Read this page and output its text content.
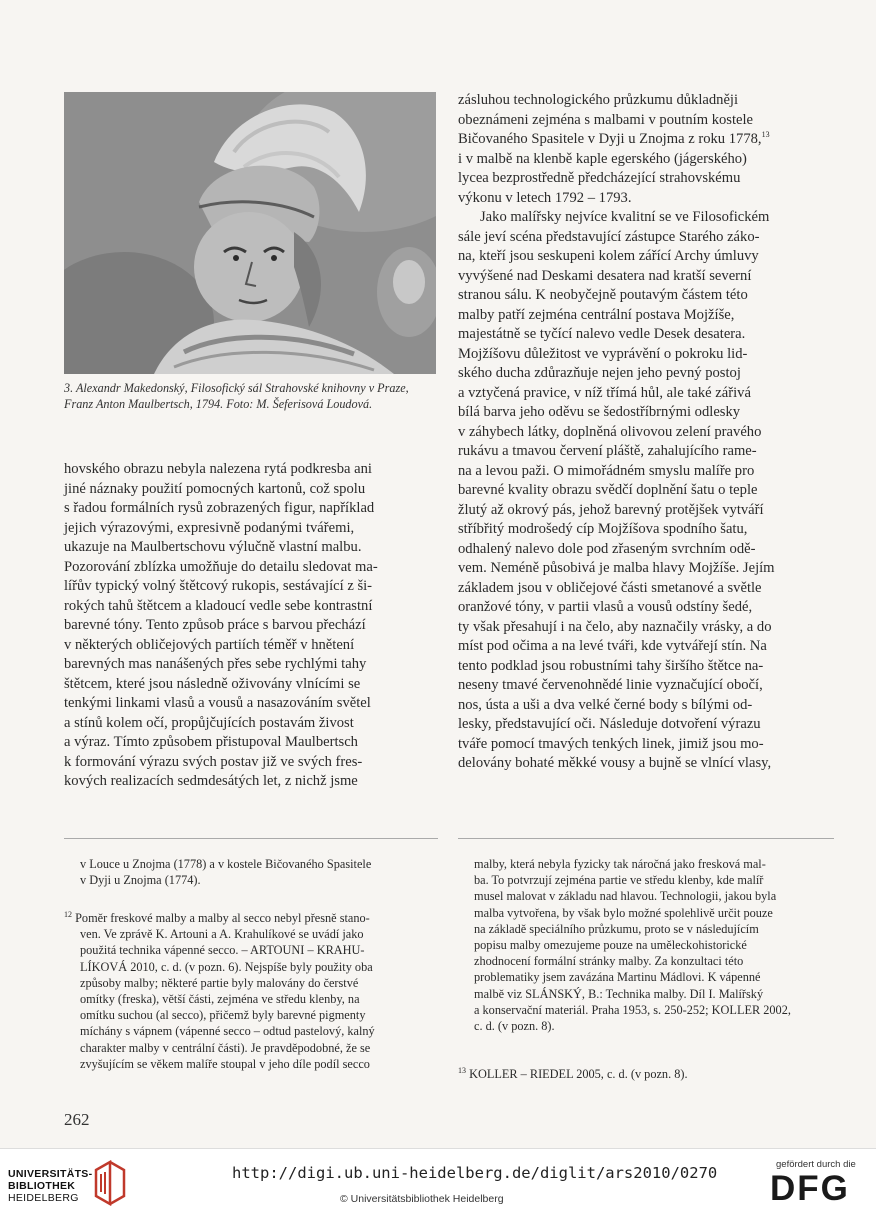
3. Alexandr Makedonský, Filosofický sál Strahovské knihovny v Praze,
Franz Anton Maulbertsch, 1794. Foto: M. Šeferisová Loudová.
hovského obrazu nebyla nalezena rytá podkresba ani
jiné náznaky použití pomocných kartonů, což spolu
s řadou formálních rysů zobrazených figur, například
jejich výrazovými, expresivně podanými tvářemi,
ukazuje na Maulbertschovu výlučně vlastní malbu.
Pozorování zblízka umožňuje do detailu sledovat ma-
lířův typický volný štětcový rukopis, sestávající z ši-
rokých tahů štětcem a kladoucí vedle sebe kontrastní
barevné tóny. Tento způsob práce s barvou přechází
v některých obličejových partiích téměř v hnětení
barevných mas nanášených přes sebe rychlými tahy
štětcem, které jsou následně oživovány vlnícími se
tenkými linkami vlasů a vousů a nasazováním světel
a stínů kolem očí, propůjčujících postavám živost
a výraz. Tímto způsobem přistupoval Maulbertsch
k formování výrazu svých postav již ve svých fres-
kových realizacích sedmdesátých let, z nichž jsme
zásluhou technologického průzkumu důkladněji
obeznámeni zejména s malbami v poutním kostele
Bičovaného Spasitele v Dyji u Znojma z roku 1778,13
i v malbě na klenbě kaple egerského (jágerského)
lycea bezprostředně předcházející strahovskému
výkonu v letech 1792 – 1793.
Jako malířsky nejvíce kvalitní se ve Filosofickém
sále jeví scéna představující zástupce Starého záko-
na, kteří jsou seskupeni kolem zářící Archy úmluvy
vyvýšené nad Deskami desatera nad kratší severní
stranou sálu. K neobyčejně poutavým částem této
malby patří zejména centrální postava Mojžíše,
majestátně se tyčící nalevo vedle Desek desatera.
Mojžíšovu důležitost ve vyprávění o pokroku lid-
ského ducha zdůrazňuje nejen jeho pevný postoj
a vztyčená pravice, v níž třímá hůl, ale také zářivá
bílá barva jeho oděvu se šedostříbrnými odlesky
v záhybech látky, doplněná olivovou zelení pravého
rukávu a tmavou červení pláště, zahalujícího rame-
na a levou paži. O mimořádném smyslu malíře pro
barevné kvality obrazu svědčí doplnění šatu o teple
žlutý až okrový pás, jehož barevný protějšek vytváří
stříbřitý modrošedý cíp Mojžíšova spodního šatu,
odhalený nalevo dole pod zřaseným svrchním odě-
vem. Neméně působivá je malba hlavy Mojžíše. Jejím
základem jsou v obličejové části smetanové a světle
oranžové tóny, v partii vlasů a vousů odstíny šedé,
ty však přesahují i na čelo, aby naznačily vrásky, a do
míst pod očima a na levé tváři, kde vytvářejí stín. Na
tento podklad jsou robustními tahy širšího štětce na-
neseny tmavé červenohnědé linie vyznačující obočí,
nos, ústa a uši a dva velké černé body s bílými od-
lesky, představující oči. Následuje dotvoření výrazu
tváře pomocí tmavých tenkých linek, jimiž jsou mo-
delovány bohaté měkké vousy a bujně se vlnící vlasy,
v Louce u Znojma (1778) a v kostele Bičovaného Spasitele
v Dyji u Znojma (1774).
$^{12}$ Poměr freskové malby a malby al secco nebyl přesně stano-
ven. Ve zprávě K. Artouni a A. Krahulíkové se uvádí jako
použitá technika vápenné secco. – ARTOUNI – KRAHU-
LÍKOVÁ 2010, c. d. (v pozn. 6). Nejspíše byly použity oba
způsoby malby; některé partie byly malovány do čerstvé
omítky (freska), větší části, zejména ve středu klenby, na
omítku suchou (al secco), přičemž byly barevné pigmenty
míchány s vápnem (vápenné secco – odtud pastelový, kalný
charakter malby v centrální části). Je pravděpodobné, že se
zvyšujícím se věkem malíře stoupal v jeho díle podíl secco
malby, která nebyla fyzicky tak náročná jako fresková mal-
ba. To potvrzují zejména partie ve středu klenby, kde malíř
musel malovat v základu nad hlavou. Technologii, jakou byla
malba vytvořena, by však bylo možné spolehlivě určit pouze
na základě speciálního průzkumu, proto se v následujícím
popisu malby omezujeme pouze na uměleckohistorické
zhodnocení formální stránky malby. Za konzultaci této
problematiky jsem zavázána Martinu Mádlovi. K vápenné
malbě viz SLÁNSKÝ, B.: Technika malby. Díl I. Malířský
a konservační materiál. Praha 1953, s. 250-252; KOLLER 2002,
c. d. (v pozn. 8).
$^{13}$ KOLLER – RIEDEL 2005, c. d. (v pozn. 8).
262
UNIVERSITÄTS-
BIBLIOTHEK
HEIDELBERG
http://digi.ub.uni-heidelberg.de/diglit/ars2010/0270
© Universitätsbibliothek Heidelberg
gefördert durch die
DFG
